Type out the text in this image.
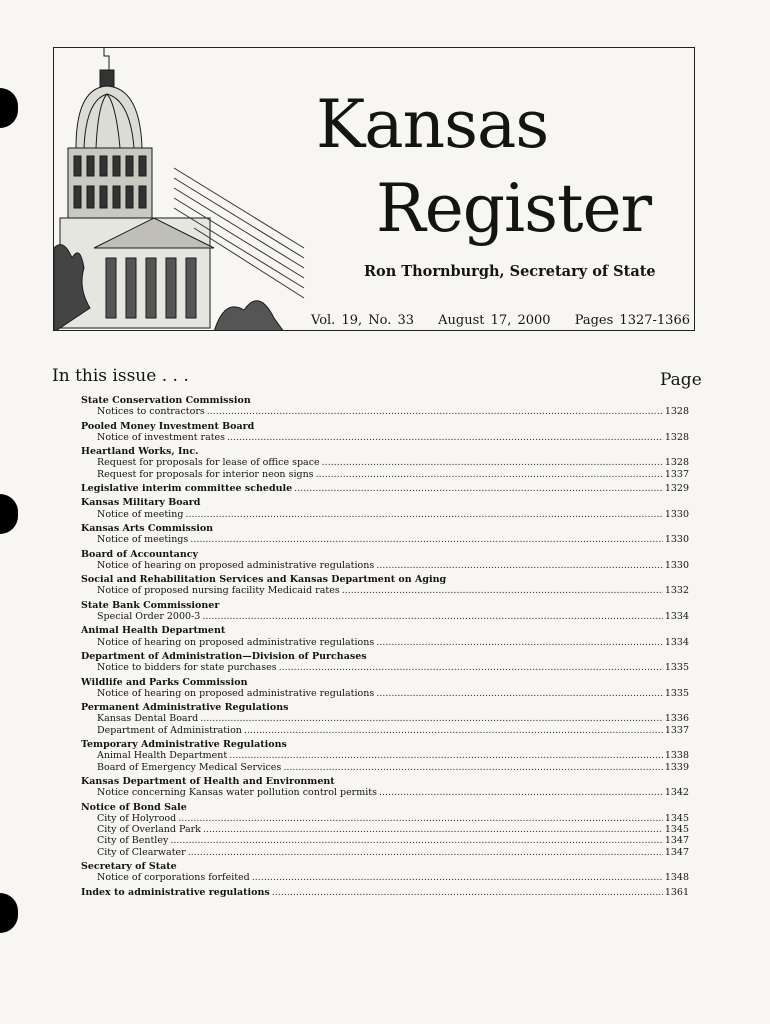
Kansas
Register
Ron Thornburgh, Secretary of State
Vol. 19, No. 33 August 17, 2000 Pages 1327-1366
In this issue . . .	Page
State Conservation Commission
Notices to contractors .....	1328
Pooled Money Investment Board
Notice of investment rates .....	1328
Heartland Works, Inc.
Request for proposals for lease of office space .....	1328
Request for proposals for interior neon signs .....	1337
Legislative interim committee schedule .....	1329
Kansas Military Board
Notice of meeting .....	1330
Kansas Arts Commission
Notice of meetings .....	1330
Board of Accountancy
Notice of hearing on proposed administrative regulations .....	1330
Social and Rehabilitation Services and Kansas Department on Aging
Notice of proposed nursing facility Medicaid rates .....	1332
State Bank Commissioner
Special Order 2000-3 .....	1334
Animal Health Department
Notice of hearing on proposed administrative regulations .....	1334
Department of Administration—Division of Purchases
Notice to bidders for state purchases .....	1335
Wildlife and Parks Commission
Notice of hearing on proposed administrative regulations .....	1335
Permanent Administrative Regulations
Kansas Dental Board .....	1336
Department of Administration .....	1337
Temporary Administrative Regulations
Animal Health Department .....	1338
Board of Emergency Medical Services .....	1339
Kansas Department of Health and Environment
Notice concerning Kansas water pollution control permits .....	1342
Notice of Bond Sale
City of Holyrood .....	1345
City of Overland Park .....	1345
City of Bentley .....	1347
City of Clearwater .....	1347
Secretary of State
Notice of corporations forfeited .....	1348
Index to administrative regulations .....	1361
